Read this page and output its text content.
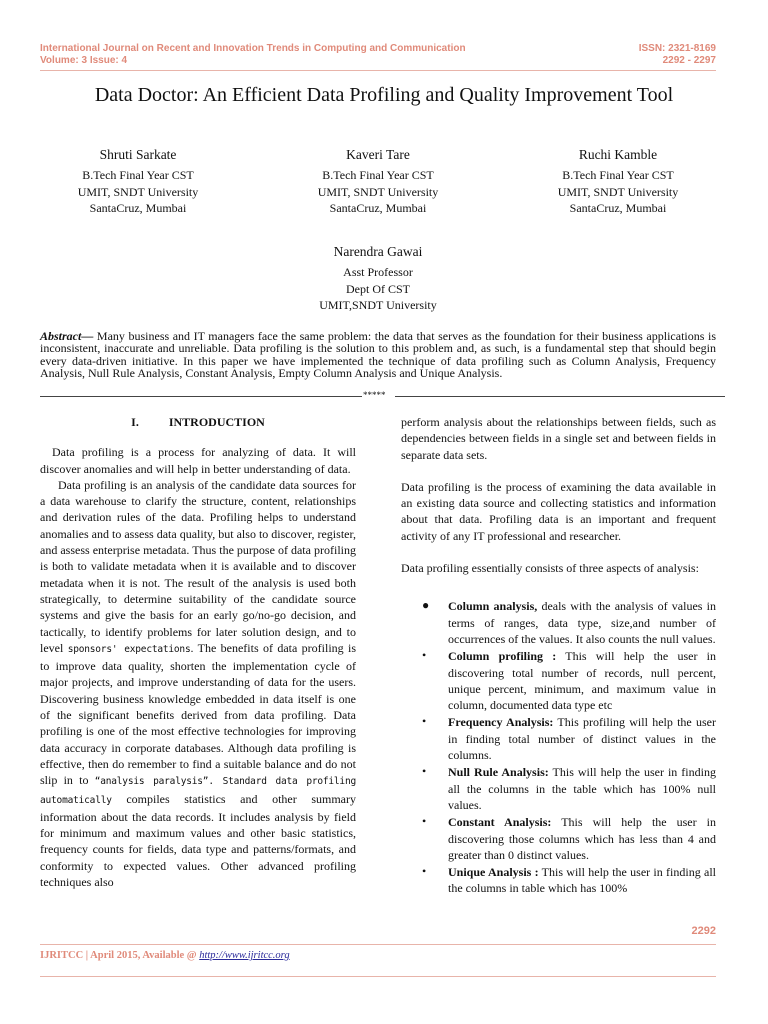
International Journal on Recent and Innovation Trends in Computing and Communication
Volume: 3 Issue: 4
ISSN: 2321-8169
2292 - 2297
Data Doctor: An Efficient Data Profiling and Quality Improvement Tool
Shruti Sarkate
B.Tech Final Year CST
UMIT, SNDT University
SantaCruz, Mumbai
Kaveri Tare
B.Tech Final Year CST
UMIT, SNDT University
SantaCruz, Mumbai
Ruchi Kamble
B.Tech Final Year CST
UMIT, SNDT University
SantaCruz, Mumbai
Narendra Gawai
Asst Professor
Dept Of CST
UMIT,SNDT University
Abstract— Many business and IT managers face the same problem: the data that serves as the foundation for their business applications is inconsistent, inaccurate and unreliable. Data profiling is the solution to this problem and, as such, is a fundamental step that should begin every data-driven initiative. In this paper we have implemented the technique of data profiling such as Column Analysis, Frequency Analysis, Null Rule Analysis, Constant Analysis, Empty Column Analysis and Unique Analysis.
*****
I.	INTRODUCTION

Data profiling is a process for analyzing of data. It will discover anomalies and will help in better understanding of data.

Data profiling is an analysis of the candidate data sources for a data warehouse to clarify the structure, content, relationships and derivation rules of the data. Profiling helps to understand anomalies and to assess data quality, but also to discover, register, and assess enterprise metadata. Thus the purpose of data profiling is both to validate metadata when it is available and to discover metadata when it is not. The result of the analysis is used both strategically, to determine suitability of the candidate source systems and give the basis for an early go/no-go decision, and tactically, to identify problems for later solution design, and to level sponsors' expectations. The benefits of data profiling is to improve data quality, shorten the implementation cycle of major projects, and improve understanding of data for the users. Discovering business knowledge embedded in data itself is one of the significant benefits derived from data profiling. Data profiling is one of the most effective technologies for improving data accuracy in corporate databases. Although data profiling is effective, then do remember to find a suitable balance and do not slip in to “analysis paralysis”. Standard data profiling automatically compiles statistics and other summary information about the data records. It includes analysis by field for minimum and maximum values and other basic statistics, frequency counts for fields, data type and patterns/formats, and conformity to expected values. Other advanced profiling techniques also

perform analysis about the relationships between fields, such as dependencies between fields in a single set and between fields in separate data sets.

Data profiling is the process of examining the data available in an existing data source and collecting statistics and information about that data. Profiling data is an important and frequent activity of any IT professional and researcher.

Data profiling essentially consists of three aspects of analysis:

● Column analysis, deals with the analysis of values in terms of ranges, data type, size,and number of occurrences of the values. It also counts the null values.
• Column profiling : This will help the user in discovering total number of records, null percent, unique percent, minimum, and maximum value in column, documented data type etc
• Frequency Analysis: This profiling will help the user in finding total number of distinct values in the columns.
• Null Rule Analysis: This will help the user in finding all the columns in the table which has 100% null values.
• Constant Analysis: This will help the user in discovering those columns which has less than 4 and greater than 0 distinct values.
• Unique Analysis : This will help the user in finding all the columns in table which has 100%
2292
IJRITCC | April 2015, Available @ http://www.ijritcc.org
